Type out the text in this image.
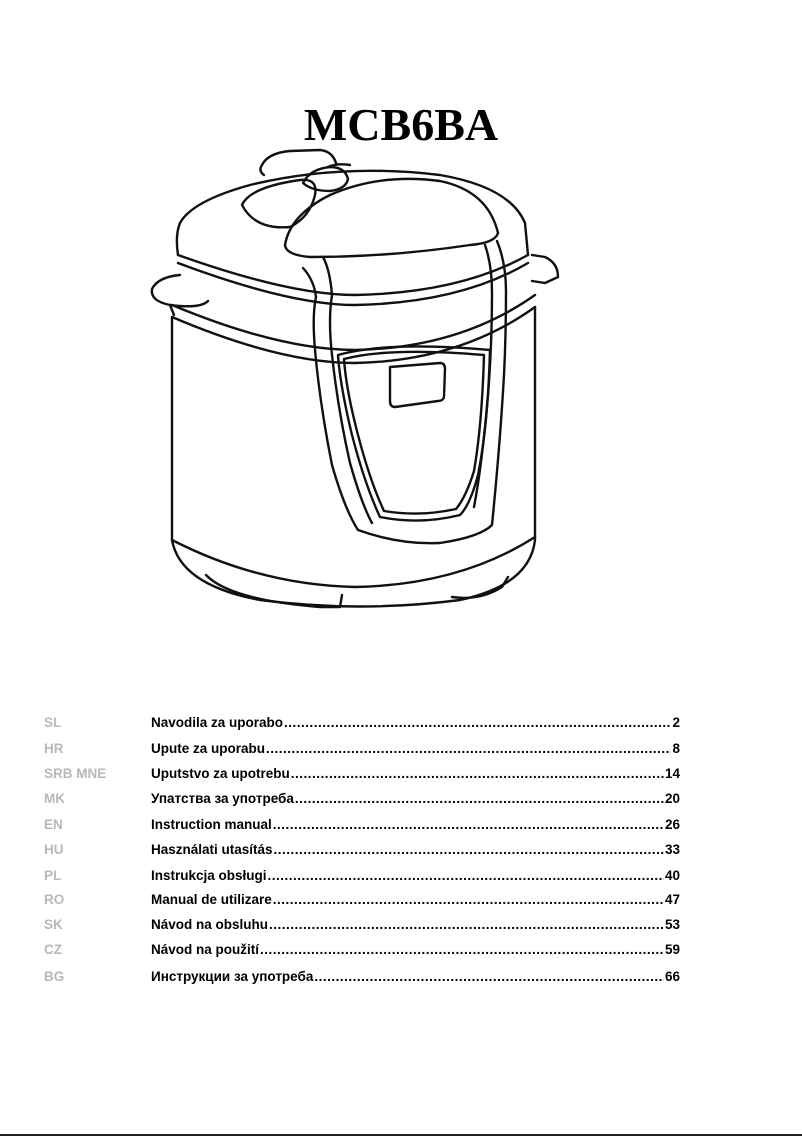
MCB6BA
SL	Navodila za uporabo .....	2
HR	Upute za uporabu .....	8
SRB MNE	Uputstvo za upotrebu .....	14
MK	Упатства за употреба .....	20
EN	Instruction manual .....	26
HU	Használati utasítás .....	33
PL	Instrukcja obsługi .....	40
RO	Manual de utilizare .....	47
SK	Návod na obsluhu .....	53
CZ	Návod na použití .....	59
BG	Инструкции за употреба .....	66
